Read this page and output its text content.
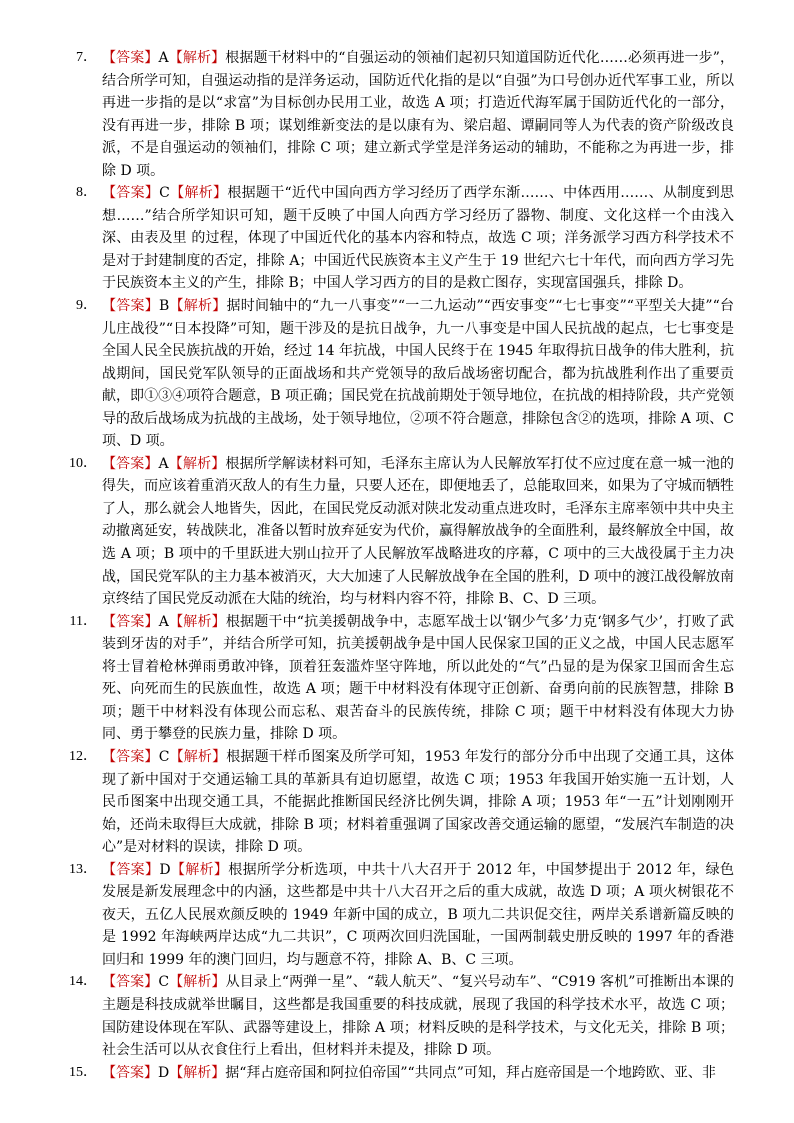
7． 【答案】A【解析】根据题干材料中的“自强运动的领袖们起初只知道国防近代化……必须再进一步”，结合所学可知，自强运动指的是洋务运动，国防近代化指的是以“自强”为口号创办近代军事工业，所以再进一步指的是以“求富”为目标创办民用工业，故选 A 项；打造近代海军属于国防近代化的一部分，没有再进一步，排除 B 项；谋划维新变法的是以康有为、梁启超、谭嗣同等人为代表的资产阶级改良派，不是自强运动的领袖们，排除 C 项；建立新式学堂是洋务运动的辅助，不能称之为再进一步，排除 D 项。
8． 【答案】C【解析】根据题干“近代中国向西方学习经历了西学东渐……、中体西用……、从制度到思想……”结合所学知识可知，题干反映了中国人向西方学习经历了器物、制度、文化这样一个由浅入深、由表及里 的过程，体现了中国近代化的基本内容和特点，故选 C 项；洋务派学习西方科学技术不是对于封建制度的否定，排除 A；中国近代民族资本主义产生于 19 世纪六七十年代，而向西方学习先于民族资本主义的产生，排除 B；中国人学习西方的目的是救亡图存，实现富国强兵，排除 D。
9． 【答案】B【解析】据时间轴中的“九一八事变”“一二九运动”“西安事变”“七七事变”“平型关大捷”“台儿庄战役”“日本投降”可知，题干涉及的是抗日战争，九一八事变是中国人民抗战的起点，七七事变是全国人民全民族抗战的开始，经过 14 年抗战，中国人民终于在 1945 年取得抗日战争的伟大胜利，抗战期间，国民党军队领导的正面战场和共产党领导的敌后战场密切配合，都为抗战胜利作出了重要贡献，即①③④项符合题意，B 项正确；国民党在抗战前期处于领导地位，在抗战的相持阶段，共产党领导的敌后战场成为抗战的主战场，处于领导地位，②项不符合题意，排除包含②的选项，排除 A 项、C 项、D 项。
10． 【答案】A【解析】根据所学解读材料可知，毛泽东主席认为人民解放军打仗不应过度在意一城一池的得失，而应该着重消灭敌人的有生力量，只要人还在，即便地丢了，总能取回来，如果为了守城而牺牲了人，那么就会人地皆失，因此，在国民党反动派对陕北发动重点进攻时，毛泽东主席率领中共中央主动撤离延安，转战陕北，准备以暂时放弃延安为代价，赢得解放战争的全面胜利，最终解放全中国，故选 A 项；B 项中的千里跃进大别山拉开了人民解放军战略进攻的序幕，C 项中的三大战役属于主力决战，国民党军队的主力基本被消灭，大大加速了人民解放战争在全国的胜利，D 项中的渡江战役解放南京终结了国民党反动派在大陆的统治，均与材料内容不符，排除 B、C、D 三项。
11． 【答案】A【解析】根据题干中“抗美援朝战争中，志愿军战士以‘钢少气多’力克‘钢多气少’，打败了武装到牙齿的对手”，并结合所学可知，抗美援朝战争是中国人民保家卫国的正义之战，中国人民志愿军将士冒着枪林弹雨勇敢冲锋，顶着狂轰滥炸坚守阵地，所以此处的“气”凸显的是为保家卫国而舍生忘死、向死而生的民族血性，故选 A 项；题干中材料没有体现守正创新、奋勇向前的民族智慧，排除 B 项；题干中材料没有体现公而忘私、艰苦奋斗的民族传统，排除 C 项；题干中材料没有体现大力协同、勇于攀登的民族力量，排除 D 项。
12． 【答案】C【解析】根据题干样币图案及所学可知，1953 年发行的部分分币中出现了交通工具，这体现了新中国对于交通运输工具的革新具有迫切愿望，故选 C 项；1953 年我国开始实施一五计划，人民币图案中出现交通工具，不能据此推断国民经济比例失调，排除 A 项；1953 年“一五”计划刚刚开始，还尚未取得巨大成就，排除 B 项；材料着重强调了国家改善交通运输的愿望，“发展汽车制造的决心”是对材料的误读，排除 D 项。
13． 【答案】D【解析】根据所学分析选项，中共十八大召开于 2012 年，中国梦提出于 2012 年，绿色发展是新发展理念中的内涵，这些都是中共十八大召开之后的重大成就，故选 D 项；A 项火树银花不夜天，五亿人民展欢颜反映的 1949 年新中国的成立，B 项九二共识促交往，两岸关系谱新篇反映的是 1992 年海峡两岸达成“九二共识”，C 项两次回归洗国耻，一国两制载史册反映的 1997 年的香港回归和 1999 年的澳门回归，均与题意不符，排除 A、B、C 三项。
14． 【答案】C【解析】从目录上“两弹一星”、“载人航天”、“复兴号动车”、“C919 客机”可推断出本课的主题是科技成就举世瞩目，这些都是我国重要的科技成就，展现了我国的科学技术水平，故选 C 项；国防建设体现在军队、武器等建设上，排除 A 项；材料反映的是科学技术，与文化无关，排除 B 项；社会生活可以从衣食住行上看出，但材料并未提及，排除 D 项。
15． 【答案】D【解析】据“拜占庭帝国和阿拉伯帝国”“共同点”可知，拜占庭帝国是一个地跨欧、亚、非
